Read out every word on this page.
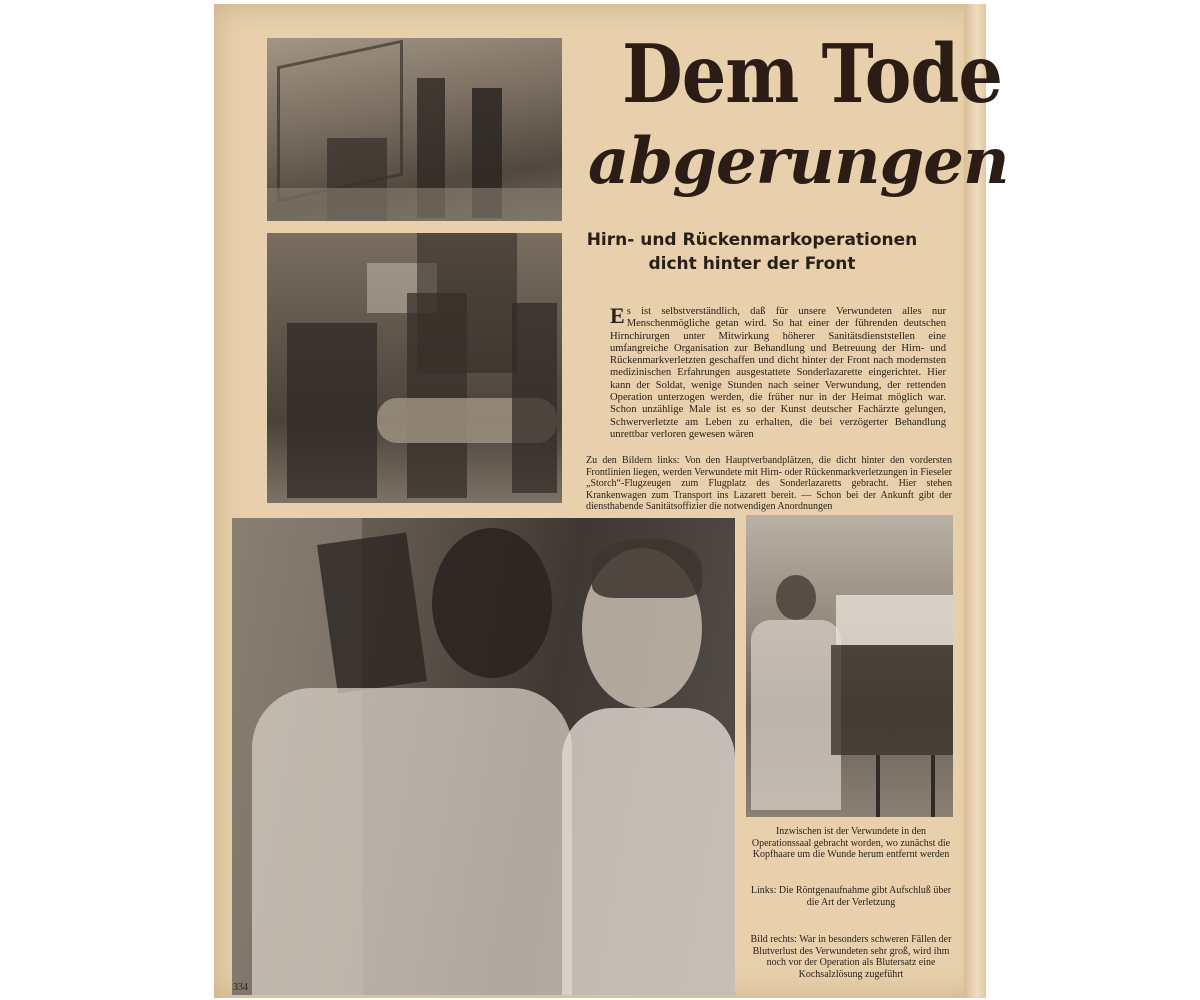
Dem Tode
abgerungen
Hirn- und Rückenmarkoperationen
dicht hinter der Front
Es ist selbstverständlich, daß für unsere Verwundeten alles nur Menschenmögliche getan wird. So hat einer der führenden deutschen Hirnchirurgen unter Mitwirkung höherer Sanitätsdienststellen eine umfangreiche Organisation zur Behandlung und Betreuung der Hirn- und Rückenmarkverletzten geschaffen und dicht hinter der Front nach modernsten medizinischen Erfahrungen ausgestattete Sonderlazarette eingerichtet. Hier kann der Soldat, wenige Stunden nach seiner Verwundung, der rettenden Operation unterzogen werden, die früher nur in der Heimat möglich war. Schon unzählige Male ist es so der Kunst deutscher Fachärzte gelungen, Schwerverletzte am Leben zu erhalten, die bei verzögerter Behandlung unrettbar verloren gewesen wären
Zu den Bildern links: Von den Hauptverbandplätzen, die dicht hinter den vordersten Frontlinien liegen, werden Verwundete mit Hirn- oder Rückenmarkverletzungen in Fieseler „Storch“-Flugzeugen zum Flugplatz des Sonderlazaretts gebracht. Hier stehen Krankenwagen zum Transport ins Lazarett bereit. — Schon bei der Ankunft gibt der diensthabende Sanitätsoffizier die notwendigen Anordnungen
Inzwischen ist der Verwundete in den Operationssaal gebracht worden, wo zunächst die Kopfhaare um die Wunde herum entfernt werden
Links: Die Röntgenaufnahme gibt Aufschluß über die Art der Verletzung
Bild rechts: War in besonders schweren Fällen der Blutverlust des Verwundeten sehr groß, wird ihm noch vor der Operation als Blutersatz eine Kochsalzlösung zugeführt
334
